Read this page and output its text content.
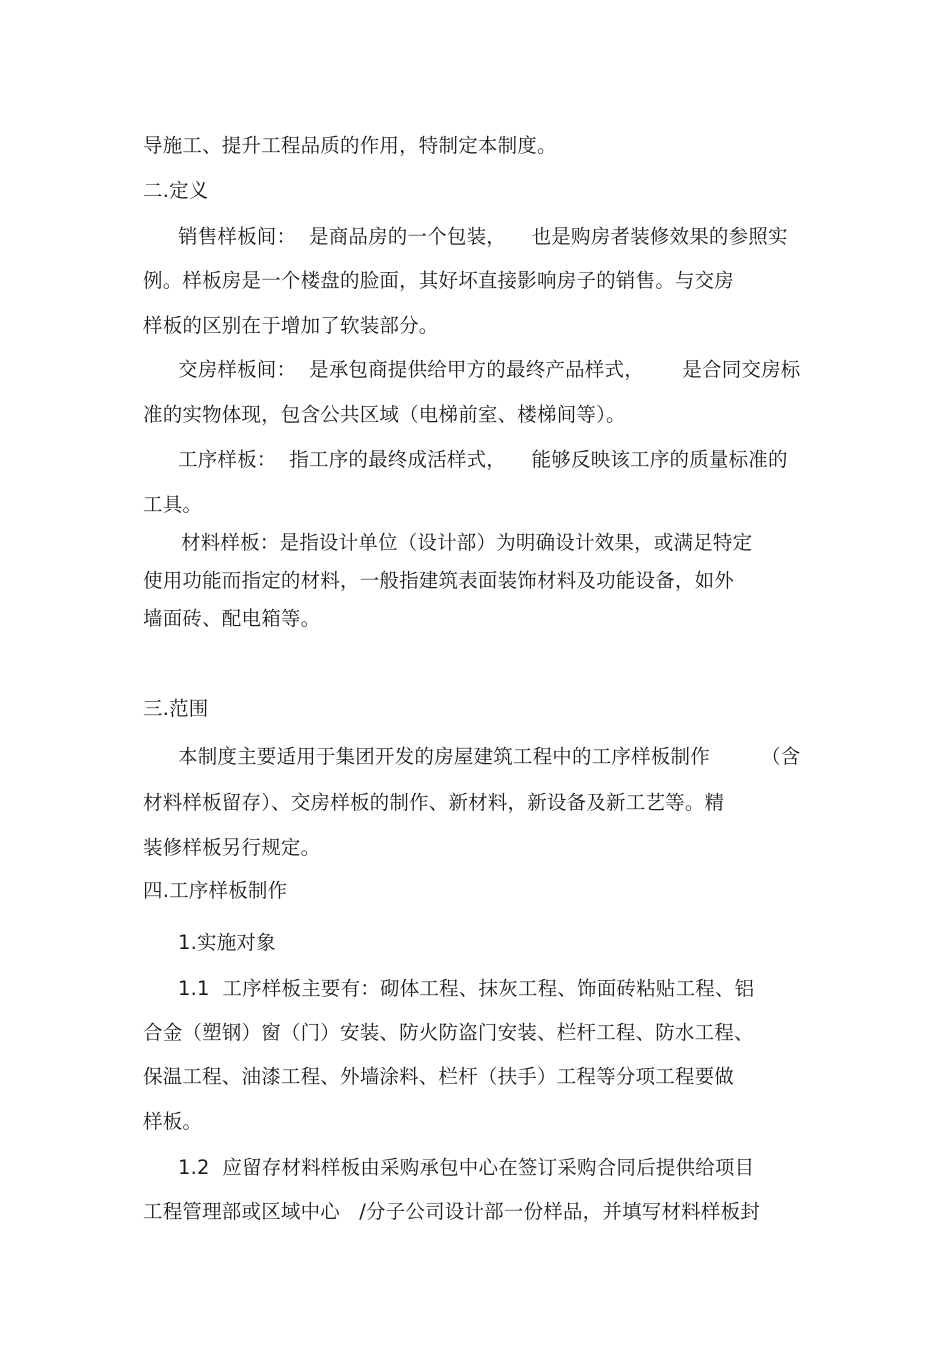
导施工、提升工程品质的作用，特制定本制度。
二.定义
销售样板间：  是商品房的一个包装，    也是购房者装修效果的参照实
例。样板房是一个楼盘的脸面，其好坏直接影响房子的销售。与交房
样板的区别在于增加了软装部分。
交房样板间：  是承包商提供给甲方的最终产品样式，      是合同交房标
准的实物体现，包含公共区域（电梯前室、楼梯间等）。
工序样板：  指工序的最终成活样式，    能够反映该工序的质量标准的
工具。
材料样板：是指设计单位（设计部）为明确设计效果，或满足特定
使用功能而指定的材料，一般指建筑表面装饰材料及功能设备，如外
墙面砖、配电箱等。
三.范围
本制度主要适用于集团开发的房屋建筑工程中的工序样板制作        （含
材料样板留存）、交房样板的制作、新材料，新设备及新工艺等。精
装修样板另行规定。
四.工序样板制作
1.实施对象
1.1  工序样板主要有：砌体工程、抹灰工程、饰面砖粘贴工程、铝
合金（塑钢）窗（门）安装、防火防盗门安装、栏杆工程、防水工程、
保温工程、油漆工程、外墙涂料、栏杆（扶手）工程等分项工程要做
样板。
1.2  应留存材料样板由采购承包中心在签订采购合同后提供给项目
工程管理部或区域中心   /分子公司设计部一份样品，并填写材料样板封
